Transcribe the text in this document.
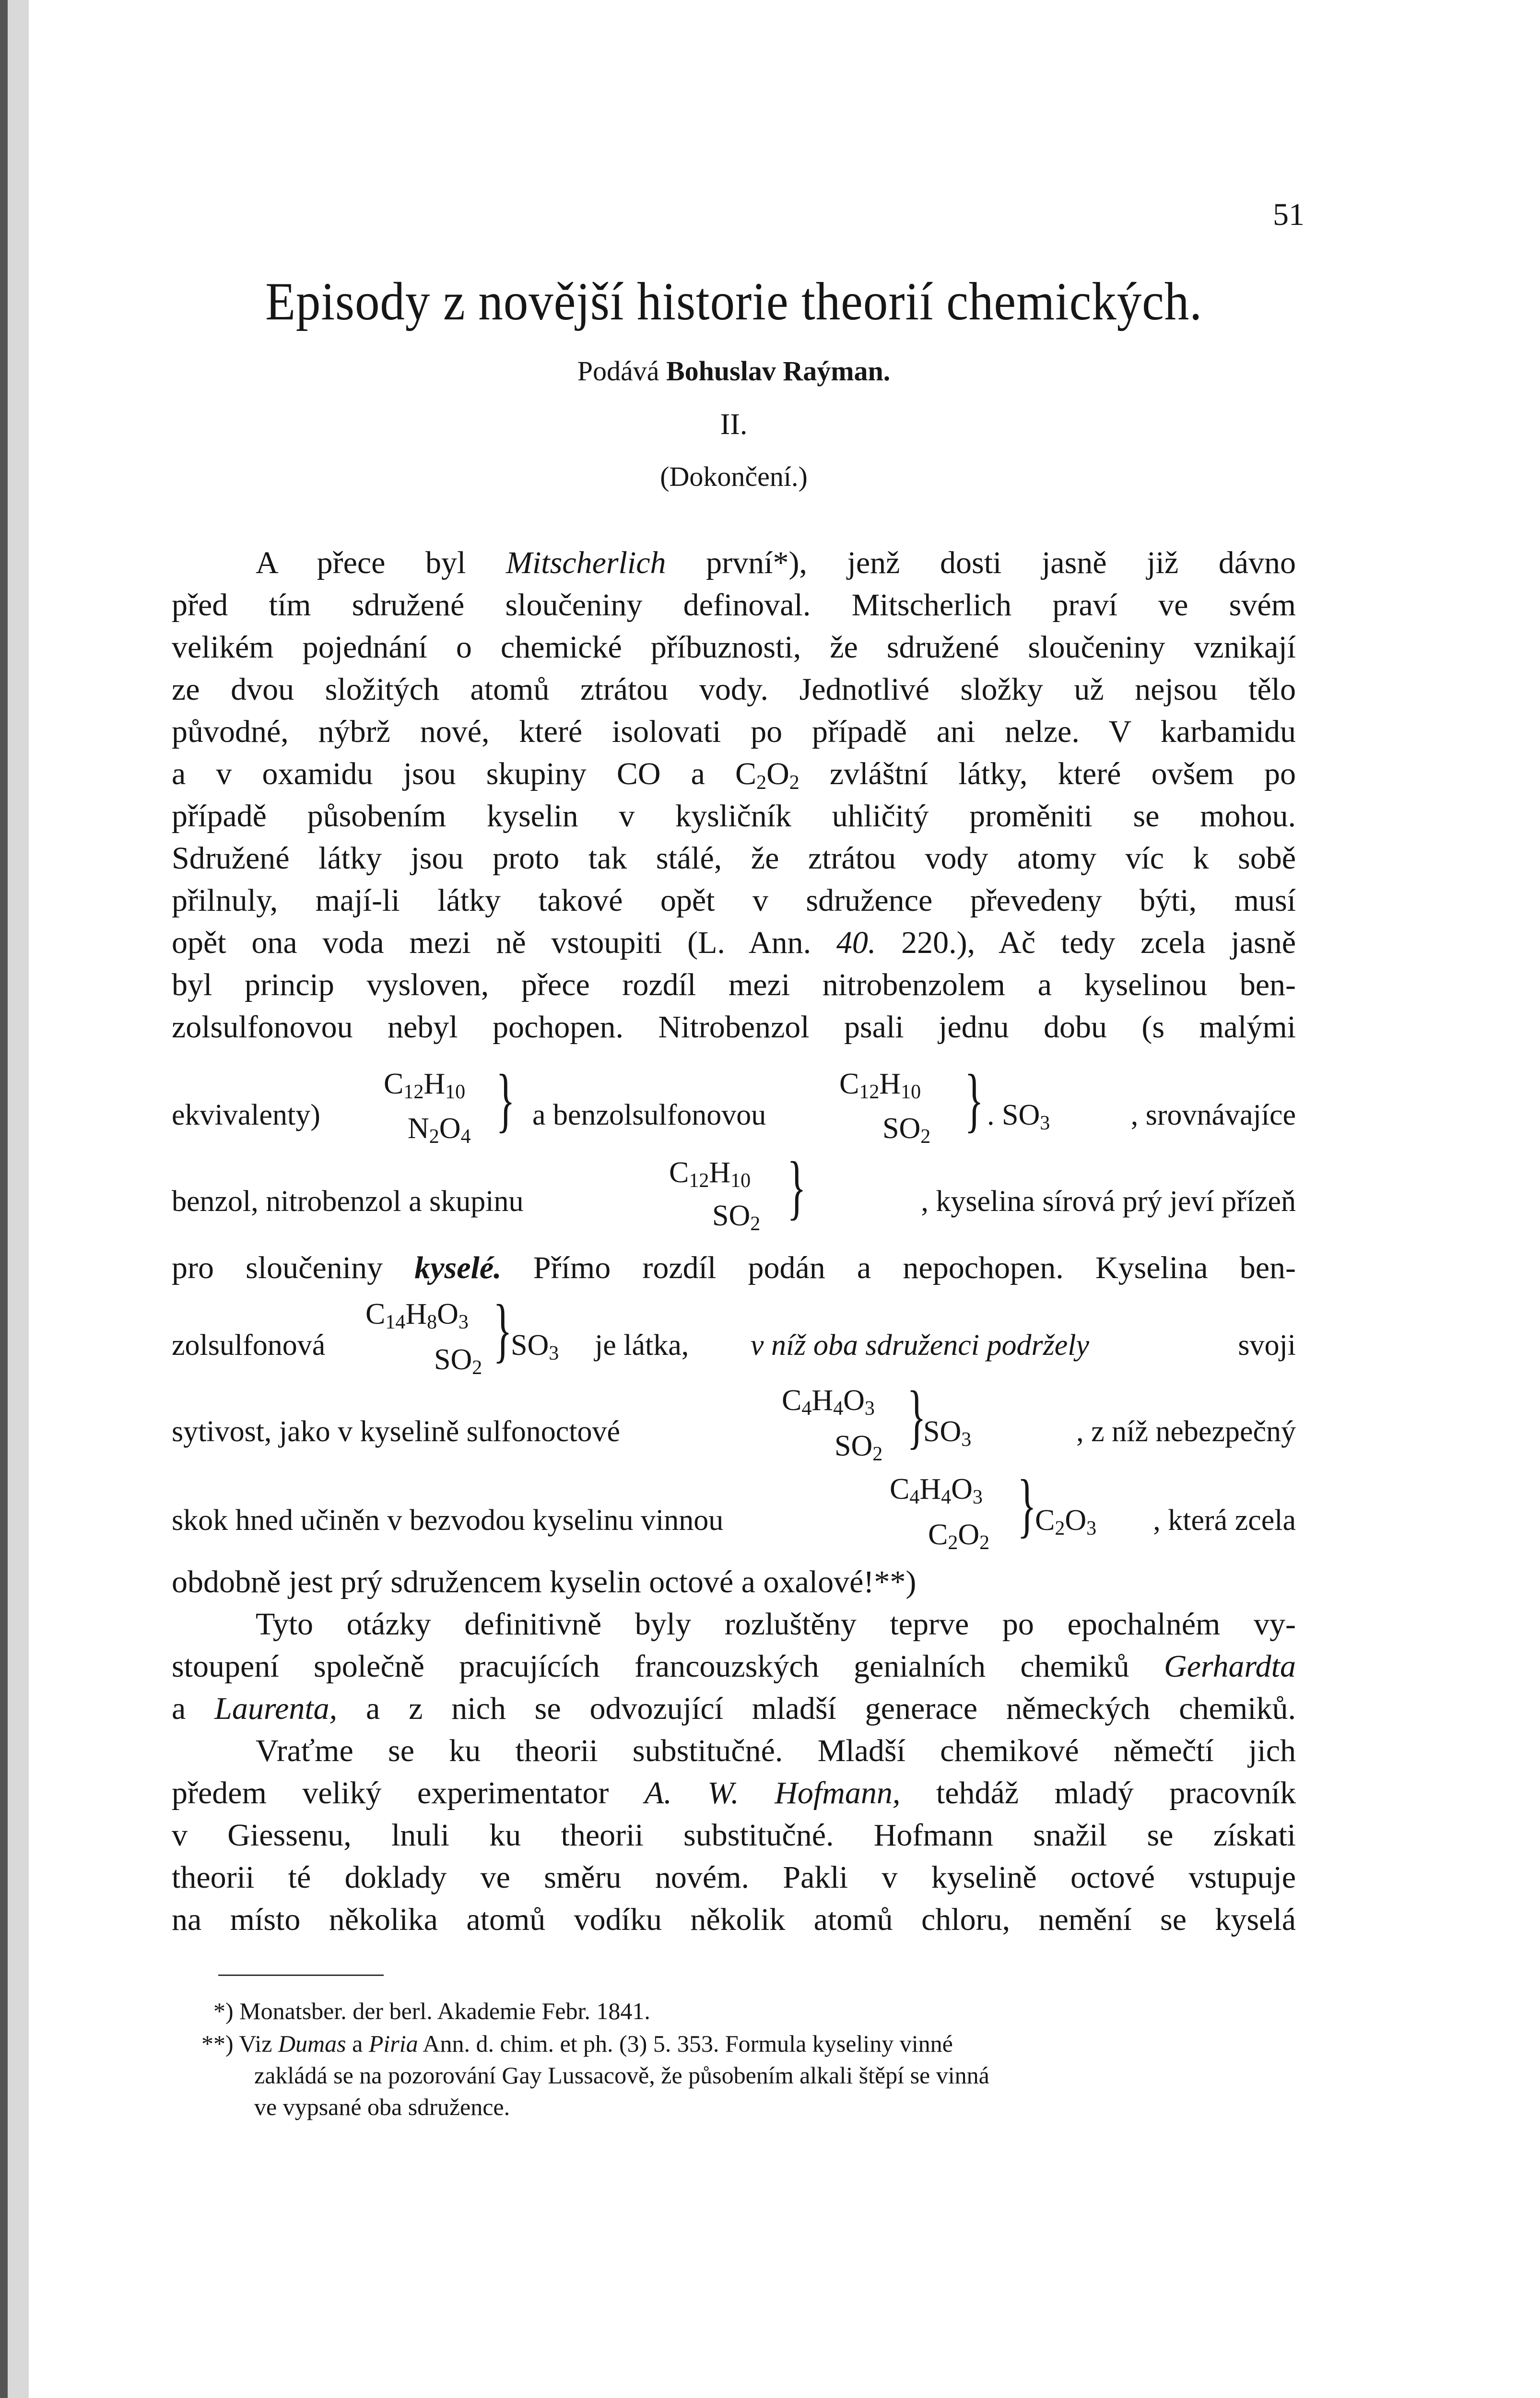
51
Episody z novější historie theorií chemických.
Podává Bohuslav Raýman.
II.
(Dokončení.)
A přece byl Mitscherlich první*), jenž dosti jasně již dávno
před tím sdružené sloučeniny definoval. Mitscherlich praví ve svém
velikém pojednání o chemické příbuznosti, že sdružené sloučeniny vznikají
ze dvou složitých atomů ztrátou vody. Jednotlivé složky už nejsou tělo
původné, nýbrž nové, které isolovati po případě ani nelze. V karbamidu
a v oxamidu jsou skupiny CO a $C_2O_2$ zvláštní látky, které ovšem po
případě působením kyselin v kysličník uhličitý proměniti se mohou.
Sdružené látky jsou proto tak stálé, že ztrátou vody atomy víc k sobě
přilnuly, mají-li látky takové opět v sdružence převedeny býti, musí
opět ona voda mezi ně vstoupiti (L. Ann. 40. 220.), Ač tedy zcela jasně
byl princip vysloven, přece rozdíl mezi nitrobenzolem a kyselinou ben-
zolsulfonovou nebyl pochopen. Nitrobenzol psali jednu dobu (s malými
ekvivalenty)
$C_{12}H_{10}$
$N_2O_4$ } a benzolsulfonovou
$C_{12}H_{10}$
$SO_2$ } . $SO_3$	, srovnávajíce
benzol, nitrobenzol a skupinu
$C_{12}H_{10}$
$SO_2$ }	, kyselina sírová prý jeví přízeň
pro sloučeniny kyselé. Přímo rozdíl podán a nepochopen. Kyselina ben-
zolsulfonová
$C_{14}H_8O_3$
$SO_2$ }
$SO_3$ je látka, v níž oba sdruženci podržely	svoji
sytivost, jako v kyselině sulfonoctové
$C_4H_4O_3$
$SO_2$ }
$SO_3$	, z níž nebezpečný
skok hned učiněn v bezvodou kyselinu vinnou
$C_4H_4O_3$
$C_2O_2$ }
$C_2O_3$	, která zcela
obdobně jest prý sdružencem kyselin octové a oxalové!**)
Tyto otázky definitivně byly rozluštěny teprve po epochalném vy-
stoupení společně pracujících francouzských genialních chemiků Gerhardta
a Laurenta, a z nich se odvozující mladší generace německých chemiků.
Vraťme se ku theorii substitučné. Mladší chemikové němečtí jich
předem veliký experimentator A. W. Hofmann, tehdáž mladý pracovník
v Giessenu, lnuli ku theorii substitučné. Hofmann snažil se získati
theorii té doklady ve směru novém. Pakli v kyselině octové vstupuje
na místo několika atomů vodíku několik atomů chloru, nemění se kyselá
*) Monatsber. der berl. Akademie Febr. 1841.
**) Viz Dumas a Piria Ann. d. chim. et ph. (3) 5. 353. Formula kyseliny vinné
zakládá se na pozorování Gay Lussacově, že působením alkali štěpí se vinná
ve vypsané oba sdružence.
